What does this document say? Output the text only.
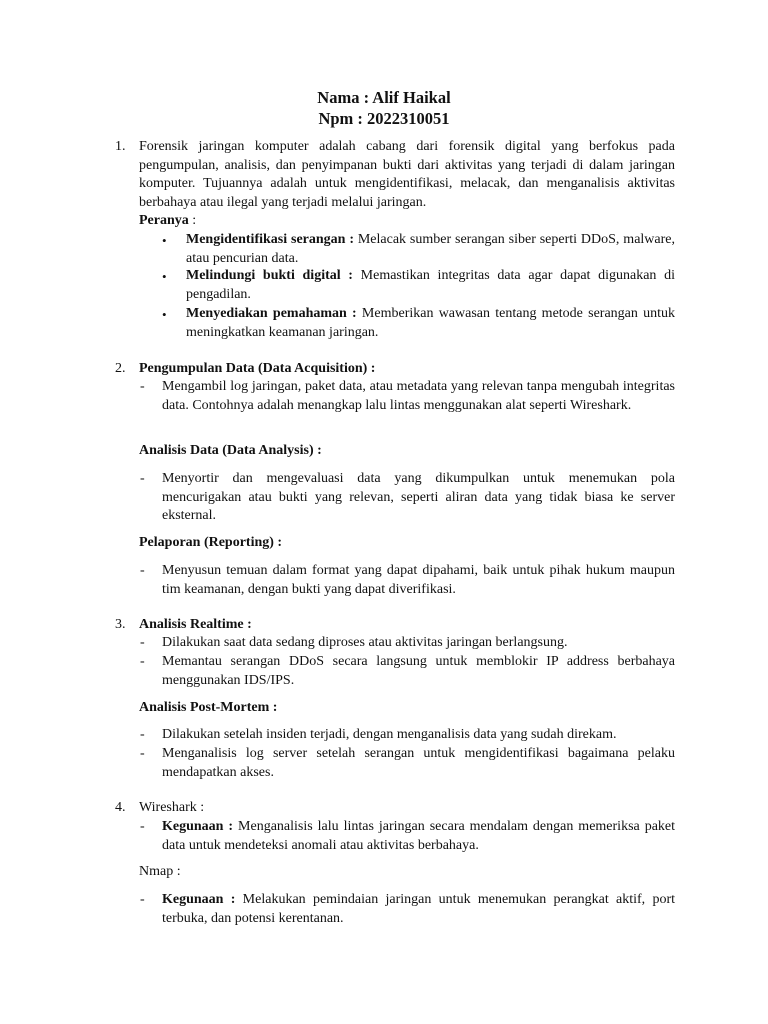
Nama : Alif Haikal
Npm : 2022310051
1. Forensik jaringan komputer adalah cabang dari forensik digital yang berfokus pada pengumpulan, analisis, dan penyimpanan bukti dari aktivitas yang terjadi di dalam jaringan komputer. Tujuannya adalah untuk mengidentifikasi, melacak, dan menganalisis aktivitas berbahaya atau ilegal yang terjadi melalui jaringan.
Peranya :
• Mengidentifikasi serangan : Melacak sumber serangan siber seperti DDoS, malware, atau pencurian data.
• Melindungi bukti digital : Memastikan integritas data agar dapat digunakan di pengadilan.
• Menyediakan pemahaman : Memberikan wawasan tentang metode serangan untuk meningkatkan keamanan jaringan.
2. Pengumpulan Data (Data Acquisition) :
- Mengambil log jaringan, paket data, atau metadata yang relevan tanpa mengubah integritas data. Contohnya adalah menangkap lalu lintas menggunakan alat seperti Wireshark.
Analisis Data (Data Analysis) :
- Menyortir dan mengevaluasi data yang dikumpulkan untuk menemukan pola mencurigakan atau bukti yang relevan, seperti aliran data yang tidak biasa ke server eksternal.
Pelaporan (Reporting) :
- Menyusun temuan dalam format yang dapat dipahami, baik untuk pihak hukum maupun tim keamanan, dengan bukti yang dapat diverifikasi.
3. Analisis Realtime :
- Dilakukan saat data sedang diproses atau aktivitas jaringan berlangsung.
- Memantau serangan DDoS secara langsung untuk memblokir IP address berbahaya menggunakan IDS/IPS.
Analisis Post-Mortem :
- Dilakukan setelah insiden terjadi, dengan menganalisis data yang sudah direkam.
- Menganalisis log server setelah serangan untuk mengidentifikasi bagaimana pelaku mendapatkan akses.
4. Wireshark :
- Kegunaan : Menganalisis lalu lintas jaringan secara mendalam dengan memeriksa paket data untuk mendeteksi anomali atau aktivitas berbahaya.
Nmap :
- Kegunaan : Melakukan pemindaian jaringan untuk menemukan perangkat aktif, port terbuka, dan potensi kerentanan.
